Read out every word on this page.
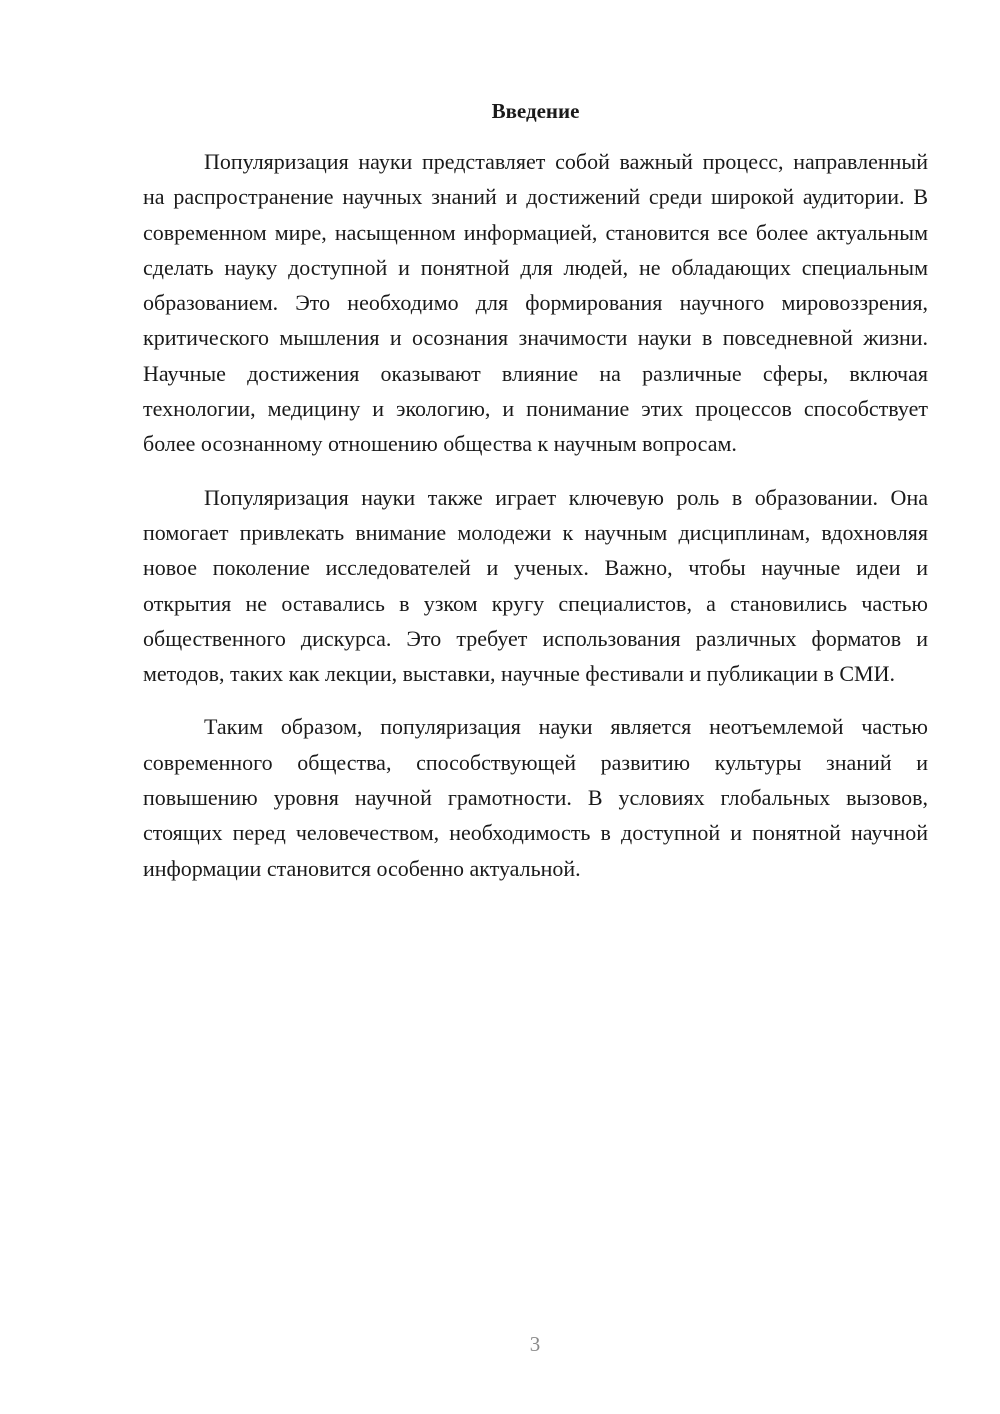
Введение

Популяризация науки представляет собой важный процесс, направленный на распространение научных знаний и достижений среди широкой аудитории. В современном мире, насыщенном информацией, становится все более актуальным сделать науку доступной и понятной для людей, не обладающих специальным образованием. Это необходимо для формирования научного мировоззрения, критического мышления и осознания значимости науки в повседневной жизни. Научные достижения оказывают влияние на различные сферы, включая технологии, медицину и экологию, и понимание этих процессов способствует более осознанному отношению общества к научным вопросам.

Популяризация науки также играет ключевую роль в образовании. Она помогает привлекать внимание молодежи к научным дисциплинам, вдохновляя новое поколение исследователей и ученых. Важно, чтобы научные идеи и открытия не оставались в узком кругу специалистов, а становились частью общественного дискурса. Это требует использования различных форматов и методов, таких как лекции, выставки, научные фестивали и публикации в СМИ.

Таким образом, популяризация науки является неотъемлемой частью современного общества, способствующей развитию культуры знаний и повышению уровня научной грамотности. В условиях глобальных вызовов, стоящих перед человечеством, необходимость в доступной и понятной научной информации становится особенно актуальной.

3
